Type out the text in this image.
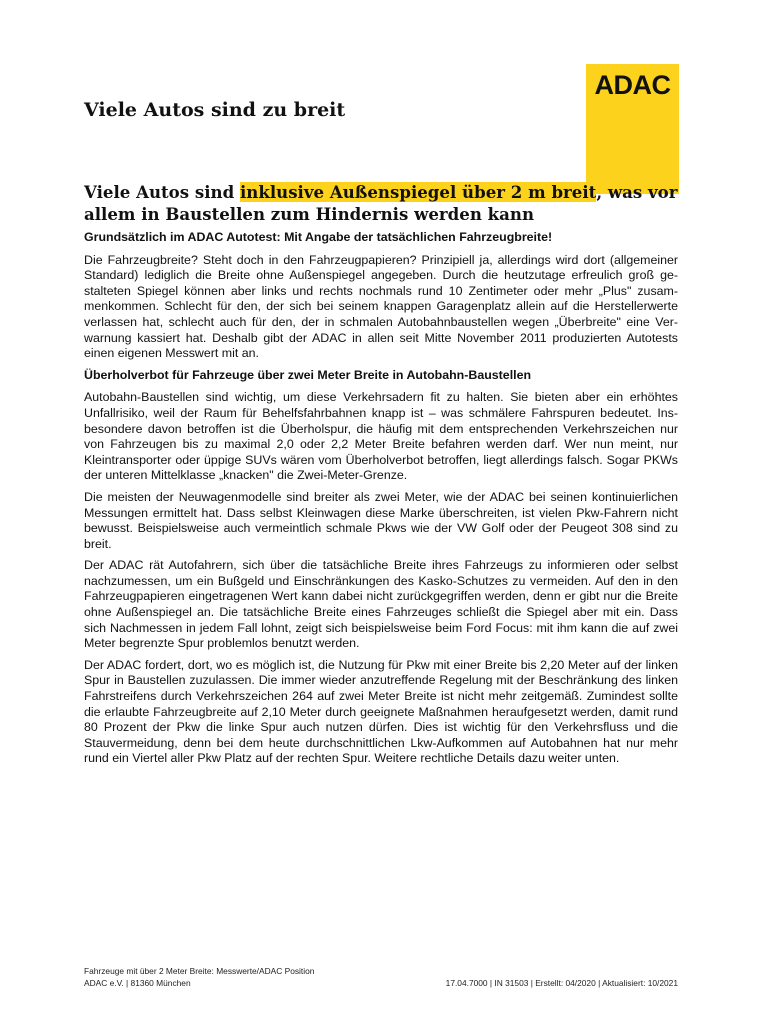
ADAC
Viele Autos sind zu breit
Viele Autos sind inklusive Außenspiegel über 2 m breit, was vor allem in Baustellen zum Hindernis werden kann
Grundsätzlich im ADAC Autotest: Mit Angabe der tatsächlichen Fahrzeugbreite!

Die Fahrzeugbreite? Steht doch in den Fahrzeugpapieren? Prinzipiell ja, allerdings wird dort (allgemeiner Standard) lediglich die Breite ohne Außenspiegel angegeben. Durch die heutzutage erfreulich groß gestalteten Spiegel können aber links und rechts nochmals rund 10 Zentimeter oder mehr „Plus" zusammenkommen. Schlecht für den, der sich bei seinem knappen Garagenplatz allein auf die Herstellerwerte verlassen hat, schlecht auch für den, der in schmalen Autobahnbaustellen wegen „Überbreite" eine Verwarnung kassiert hat. Deshalb gibt der ADAC in allen seit Mitte November 2011 produzierten Autotests einen eigenen Messwert mit an.

Überholverbot für Fahrzeuge über zwei Meter Breite in Autobahn-Baustellen

Autobahn-Baustellen sind wichtig, um diese Verkehrsadern fit zu halten. Sie bieten aber ein erhöhtes Unfallrisiko, weil der Raum für Behelfsfahrbahnen knapp ist – was schmälere Fahrspuren bedeutet. Insbesondere davon betroffen ist die Überholspur, die häufig mit dem entsprechenden Verkehrszeichen nur von Fahrzeugen bis zu maximal 2,0 oder 2,2 Meter Breite befahren werden darf. Wer nun meint, nur Kleintransporter oder üppige SUVs wären vom Überholverbot betroffen, liegt allerdings falsch. Sogar PKWs der unteren Mittelklasse „knacken" die Zwei-Meter-Grenze.

Die meisten der Neuwagenmodelle sind breiter als zwei Meter, wie der ADAC bei seinen kontinuierlichen Messungen ermittelt hat. Dass selbst Kleinwagen diese Marke überschreiten, ist vielen Pkw-Fahrern nicht bewusst. Beispielsweise auch vermeintlich schmale Pkws wie der VW Golf oder der Peugeot 308 sind zu breit.

Der ADAC rät Autofahrern, sich über die tatsächliche Breite ihres Fahrzeugs zu informieren oder selbst nachzumessen, um ein Bußgeld und Einschränkungen des Kasko-Schutzes zu vermeiden. Auf den in den Fahrzeugpapieren eingetragenen Wert kann dabei nicht zurückgegriffen werden, denn er gibt nur die Breite ohne Außenspiegel an. Die tatsächliche Breite eines Fahrzeuges schließt die Spiegel aber mit ein. Dass sich Nachmessen in jedem Fall lohnt, zeigt sich beispielsweise beim Ford Focus: mit ihm kann die auf zwei Meter begrenzte Spur problemlos benutzt werden.

Der ADAC fordert, dort, wo es möglich ist, die Nutzung für Pkw mit einer Breite bis 2,20 Meter auf der linken Spur in Baustellen zuzulassen. Die immer wieder anzutreffende Regelung mit der Beschränkung des linken Fahrstreifens durch Verkehrszeichen 264 auf zwei Meter Breite ist nicht mehr zeitgemäß. Zumindest sollte die erlaubte Fahrzeugbreite auf 2,10 Meter durch geeignete Maßnahmen heraufgesetzt werden, damit rund 80 Prozent der Pkw die linke Spur auch nutzen dürfen. Dies ist wichtig für den Verkehrsfluss und die Stauvermeidung, denn bei dem heute durchschnittlichen Lkw-Aufkommen auf Autobahnen hat nur mehr rund ein Viertel aller Pkw Platz auf der rechten Spur. Weitere rechtliche Details dazu weiter unten.

Fahrzeuge mit über 2 Meter Breite: Messwerte/ADAC Position
ADAC e.V. | 81360 München	17.04.7000 | IN 31503 | Erstellt: 04/2020 | Aktualisiert: 10/2021
